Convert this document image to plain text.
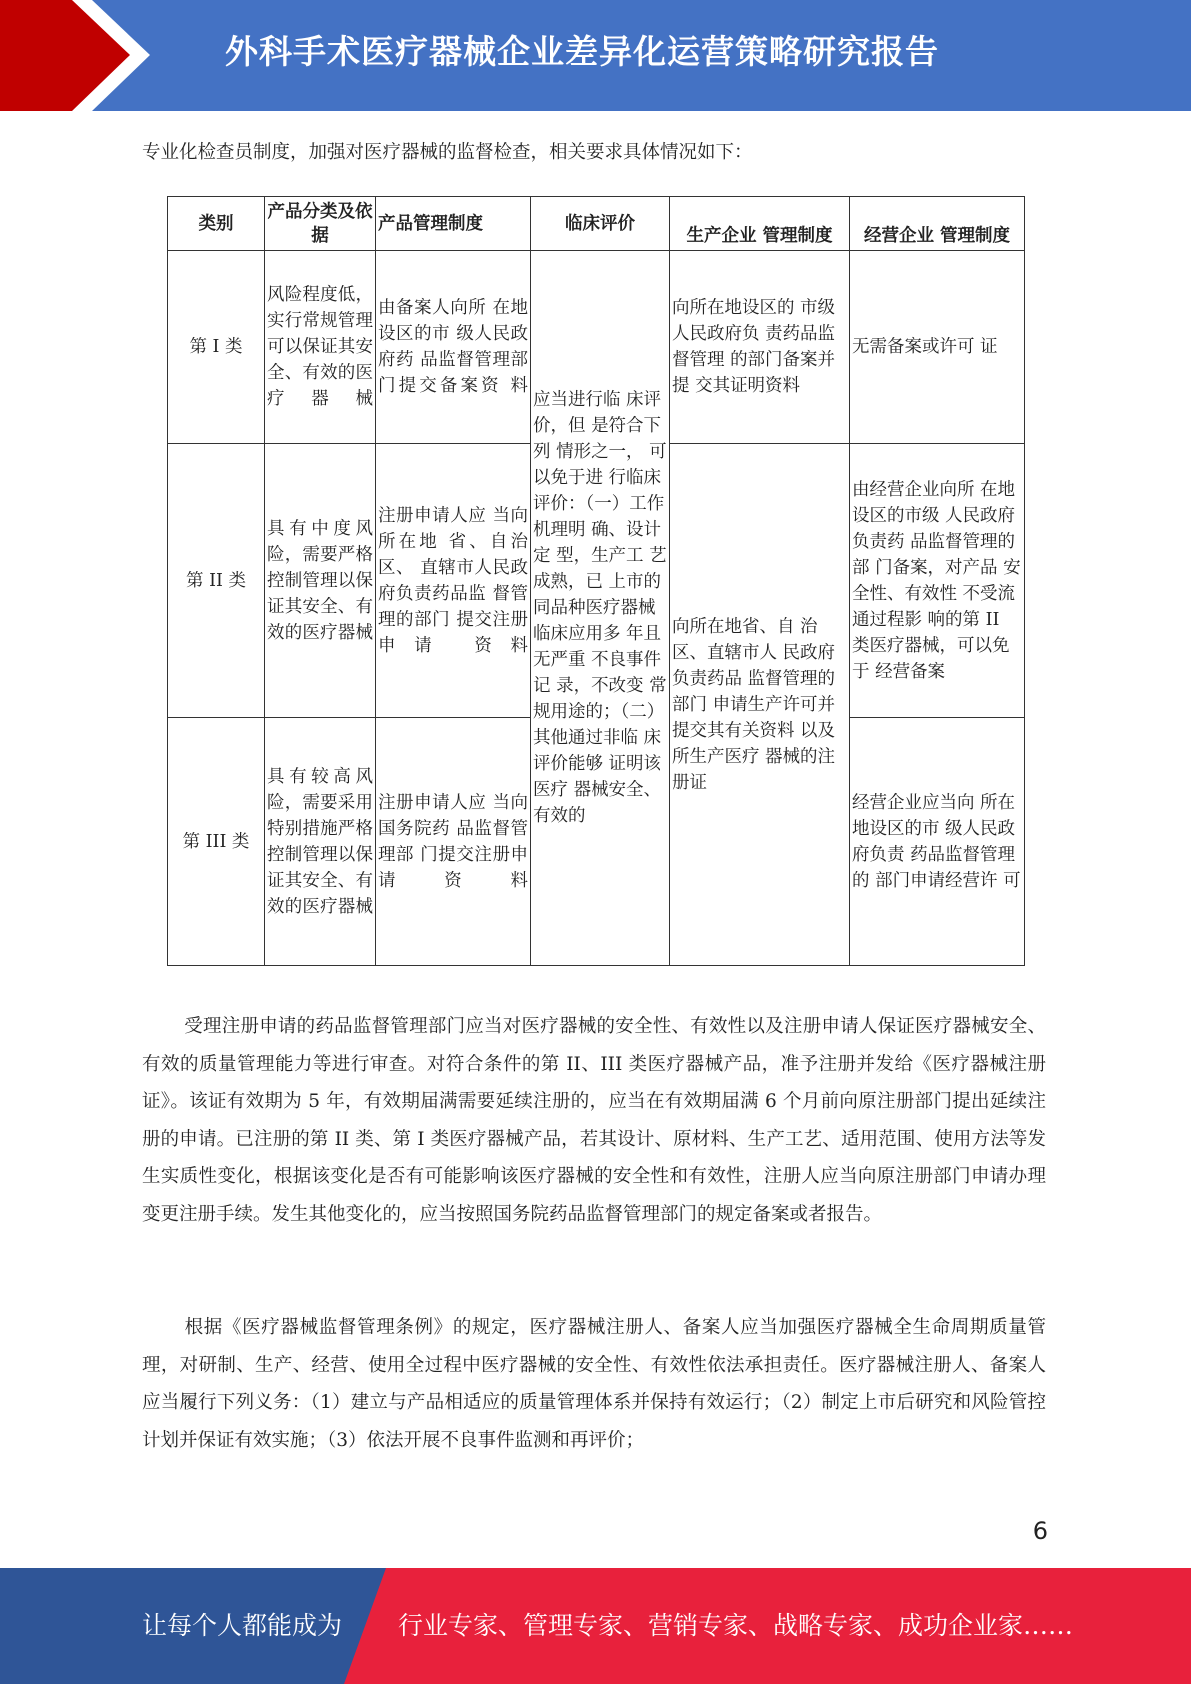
外科手术医疗器械企业差异化运营策略研究报告
专业化检查员制度，加强对医疗器械的监督检查，相关要求具体情况如下：
类别	产品分类及依据	产品管理制度	临床评价	生产企业 管理制度	经营企业 管理制度
第 I 类	风险程度低，实行常规管理可以保证其安全、有效的医疗器械	由备案人向所 在地设区的市 级人民政府药 品监督管理部 门提交备案资 料	应当进行临 床评价，但 是符合下列 情形之一， 可以免于进 行临床评价：（一）工作机理明 确、设计定 型，生产工 艺成熟，已 上市的同品种医疗器械 临床应用多 年且无严重 不良事件记 录，不改变 常规用途的；（二）其他通过非临 床评价能够 证明该医疗 器械安全、 有效的	向所在地设区的 市级人民政府负 责药品监督管理 的部门备案并提 交其证明资料	无需备案或许可 证
第 II 类	具有中度风险，需要严格控制管理以保证其安全、有效的医疗器械	注册申请人应 当向所在地 省、自治区、 直辖市人民政 府负责药品监 督管理的部门 提交注册申请 资料		向所在地省、自 治区、直辖市人 民政府负责药品 监督管理的部门 申请生产许可并 提交其有关资料 以及所生产医疗 器械的注册证	由经营企业向所 在地设区的市级 人民政府负责药 品监督管理的部 门备案，对产品 安全性、有效性 不受流通过程影 响的第 II 类医疗器械，可以免于 经营备案
第 III 类	具有较高风险，需要采用特别措施严格控制管理以保证其安全、有效的医疗器械	注册申请人应 当向国务院药 品监督管理部 门提交注册申 请资料			经营企业应当向 所在地设区的市 级人民政府负责 药品监督管理的 部门申请经营许 可

受理注册申请的药品监督管理部门应当对医疗器械的安全性、有效性以及注册申请人保证医疗器械安全、有效的质量管理能力等进行审查。对符合条件的第 II、III 类医疗器械产品，准予注册并发给《医疗器械注册证》。该证有效期为 5 年，有效期届满需要延续注册的，应当在有效期届满 6 个月前向原注册部门提出延续注册的申请。已注册的第 II 类、第 I 类医疗器械产品，若其设计、原材料、生产工艺、适用范围、使用方法等发生实质性变化，根据该变化是否有可能影响该医疗器械的安全性和有效性，注册人应当向原注册部门申请办理变更注册手续。发生其他变化的，应当按照国务院药品监督管理部门的规定备案或者报告。

根据《医疗器械监督管理条例》的规定，医疗器械注册人、备案人应当加强医疗器械全生命周期质量管理，对研制、生产、经营、使用全过程中医疗器械的安全性、有效性依法承担责任。医疗器械注册人、备案人应当履行下列义务：（1）建立与产品相适应的质量管理体系并保持有效运行；（2）制定上市后研究和风险管控计划并保证有效实施；（3）依法开展不良事件监测和再评价；

6
让每个人都能成为 行业专家、管理专家、营销专家、战略专家、成功企业家……
